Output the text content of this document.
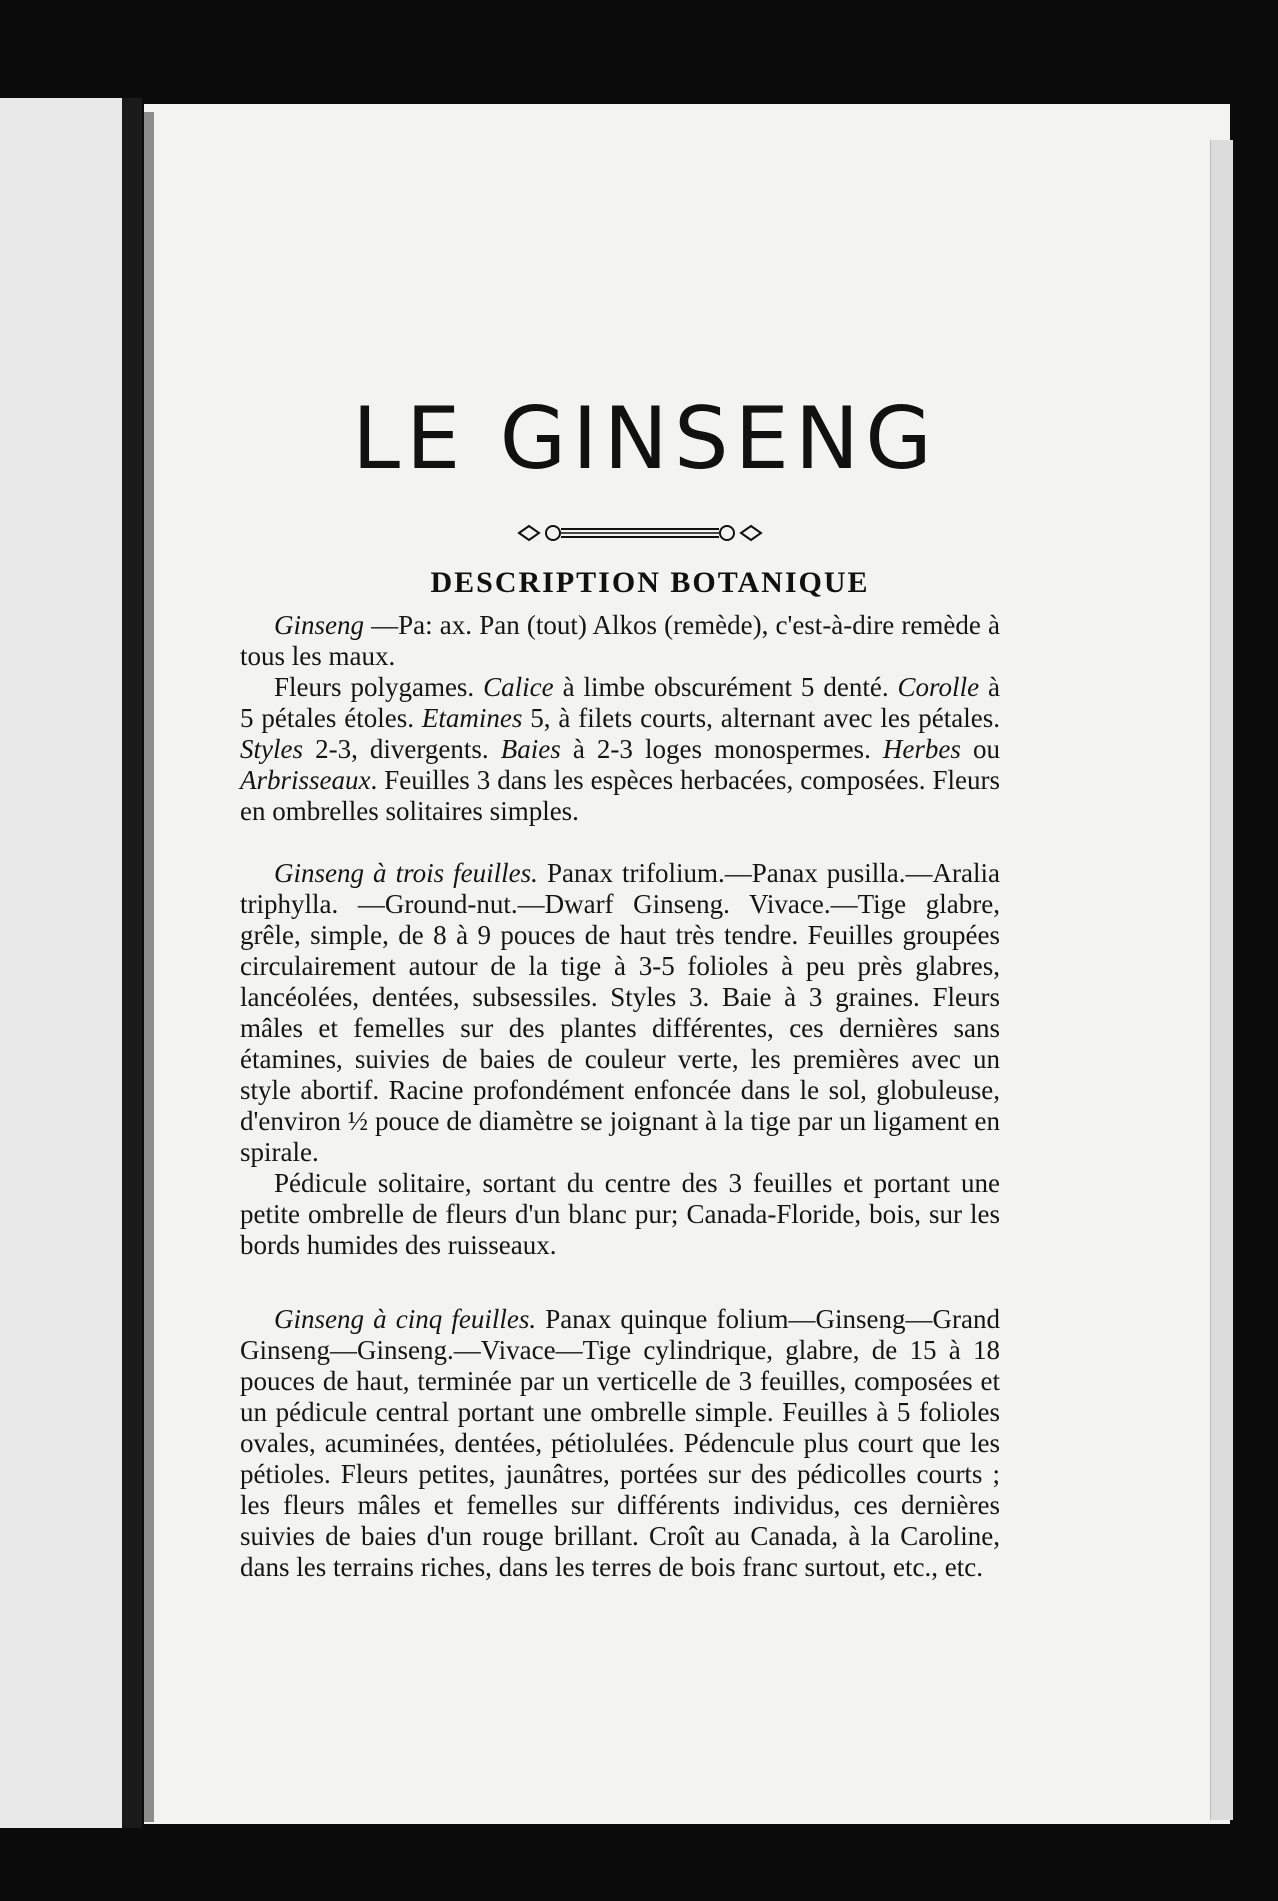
LE GINSENG
DESCRIPTION BOTANIQUE

Ginseng —Pa: ax. Pan (tout) Alkos (remède), c'est-à-dire remède à tous les maux.

Fleurs polygames. Calice à limbe obscurément 5 denté. Corolle à 5 pétales étoles. Etamines 5, à filets courts, alternant avec les pétales. Styles 2-3, divergents. Baies à 2-3 loges monospermes. Herbes ou Arbrisseaux. Feuilles 3 dans les espèces herbacées, composées. Fleurs en ombrelles solitaires simples.

Ginseng à trois feuilles. Panax trifolium.—Panax pusilla.—Aralia triphylla. —Ground-nut.—Dwarf Ginseng. Vivace.—Tige glabre, grêle, simple, de 8 à 9 pouces de haut très tendre. Feuilles groupées circulairement autour de la tige à 3-5 folioles à peu près glabres, lancéolées, dentées, subsessiles. Styles 3. Baie à 3 graines. Fleurs mâles et femelles sur des plantes différentes, ces dernières sans étamines, suivies de baies de couleur verte, les premières avec un style abortif. Racine profondément enfoncée dans le sol, globuleuse, d'environ ½ pouce de diamètre se joignant à la tige par un ligament en spirale.

Pédicule solitaire, sortant du centre des 3 feuilles et portant une petite ombrelle de fleurs d'un blanc pur; Canada-Floride, bois, sur les bords humides des ruisseaux.

Ginseng à cinq feuilles. Panax quinque folium—Ginseng—Grand Ginseng—Ginseng.—Vivace—Tige cylindrique, glabre, de 15 à 18 pouces de haut, terminée par un verticelle de 3 feuilles, composées et un pédicule central portant une ombrelle simple. Feuilles à 5 folioles ovales, acuminées, dentées, pétiolulées. Pédencule plus court que les pétioles. Fleurs petites, jaunâtres, portées sur des pédicolles courts ; les fleurs mâles et femelles sur différents individus, ces dernières suivies de baies d'un rouge brillant. Croît au Canada, à la Caroline, dans les terrains riches, dans les terres de bois franc surtout, etc., etc.
